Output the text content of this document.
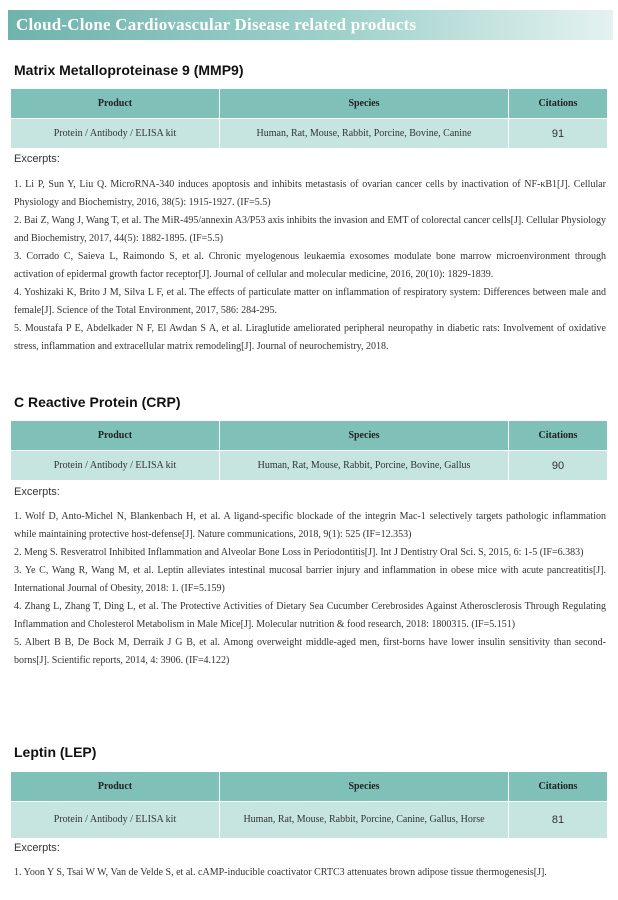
Cloud-Clone Cardiovascular Disease related products
Matrix Metalloproteinase 9 (MMP9)
Product	Species	Citations
Protein / Antibody / ELISA kit	Human, Rat, Mouse, Rabbit, Porcine, Bovine, Canine	91
Excerpts:
1. Li P, Sun Y, Liu Q. MicroRNA-340 induces apoptosis and inhibits metastasis of ovarian cancer cells by inactivation of NF-κB1[J]. Cellular Physiology and Biochemistry, 2016, 38(5): 1915-1927. (IF=5.5)
2. Bai Z, Wang J, Wang T, et al. The MiR-495/annexin A3/P53 axis inhibits the invasion and EMT of colorectal cancer cells[J]. Cellular Physiology and Biochemistry, 2017, 44(5): 1882-1895. (IF=5.5)
3. Corrado C, Saieva L, Raimondo S, et al. Chronic myelogenous leukaemia exosomes modulate bone marrow microenvironment through activation of epidermal growth factor receptor[J]. Journal of cellular and molecular medicine, 2016, 20(10): 1829-1839.
4. Yoshizaki K, Brito J M, Silva L F, et al. The effects of particulate matter on inflammation of respiratory system: Differences between male and female[J]. Science of the Total Environment, 2017, 586: 284-295.
5. Moustafa P E, Abdelkader N F, El Awdan S A, et al. Liraglutide ameliorated peripheral neuropathy in diabetic rats: Involvement of oxidative stress, inflammation and extracellular matrix remodeling[J]. Journal of neurochemistry, 2018.
C Reactive Protein (CRP)
Product	Species	Citations
Protein / Antibody / ELISA kit	Human, Rat, Mouse, Rabbit, Porcine, Bovine, Gallus	90
Excerpts:
1. Wolf D, Anto-Michel N, Blankenbach H, et al. A ligand-specific blockade of the integrin Mac-1 selectively targets pathologic inflammation while maintaining protective host-defense[J]. Nature communications, 2018, 9(1): 525 (IF=12.353)
2. Meng S. Resveratrol Inhibited Inflammation and Alveolar Bone Loss in Periodontitis[J]. Int J Dentistry Oral Sci. S, 2015, 6: 1-5 (IF=6.383)
3. Ye C, Wang R, Wang M, et al. Leptin alleviates intestinal mucosal barrier injury and inflammation in obese mice with acute pancreatitis[J]. International Journal of Obesity, 2018: 1. (IF=5.159)
4. Zhang L, Zhang T, Ding L, et al. The Protective Activities of Dietary Sea Cucumber Cerebrosides Against Atherosclerosis Through Regulating Inflammation and Cholesterol Metabolism in Male Mice[J]. Molecular nutrition & food research, 2018: 1800315. (IF=5.151)
5. Albert B B, De Bock M, Derraik J G B, et al. Among overweight middle-aged men, first-borns have lower insulin sensitivity than second-borns[J]. Scientific reports, 2014, 4: 3906. (IF=4.122)
Leptin (LEP)
Product	Species	Citations
Protein / Antibody / ELISA kit	Human, Rat, Mouse, Rabbit, Porcine, Canine, Gallus, Horse	81
Excerpts:
1. Yoon Y S, Tsai W W, Van de Velde S, et al. cAMP-inducible coactivator CRTC3 attenuates brown adipose tissue thermogenesis[J].
